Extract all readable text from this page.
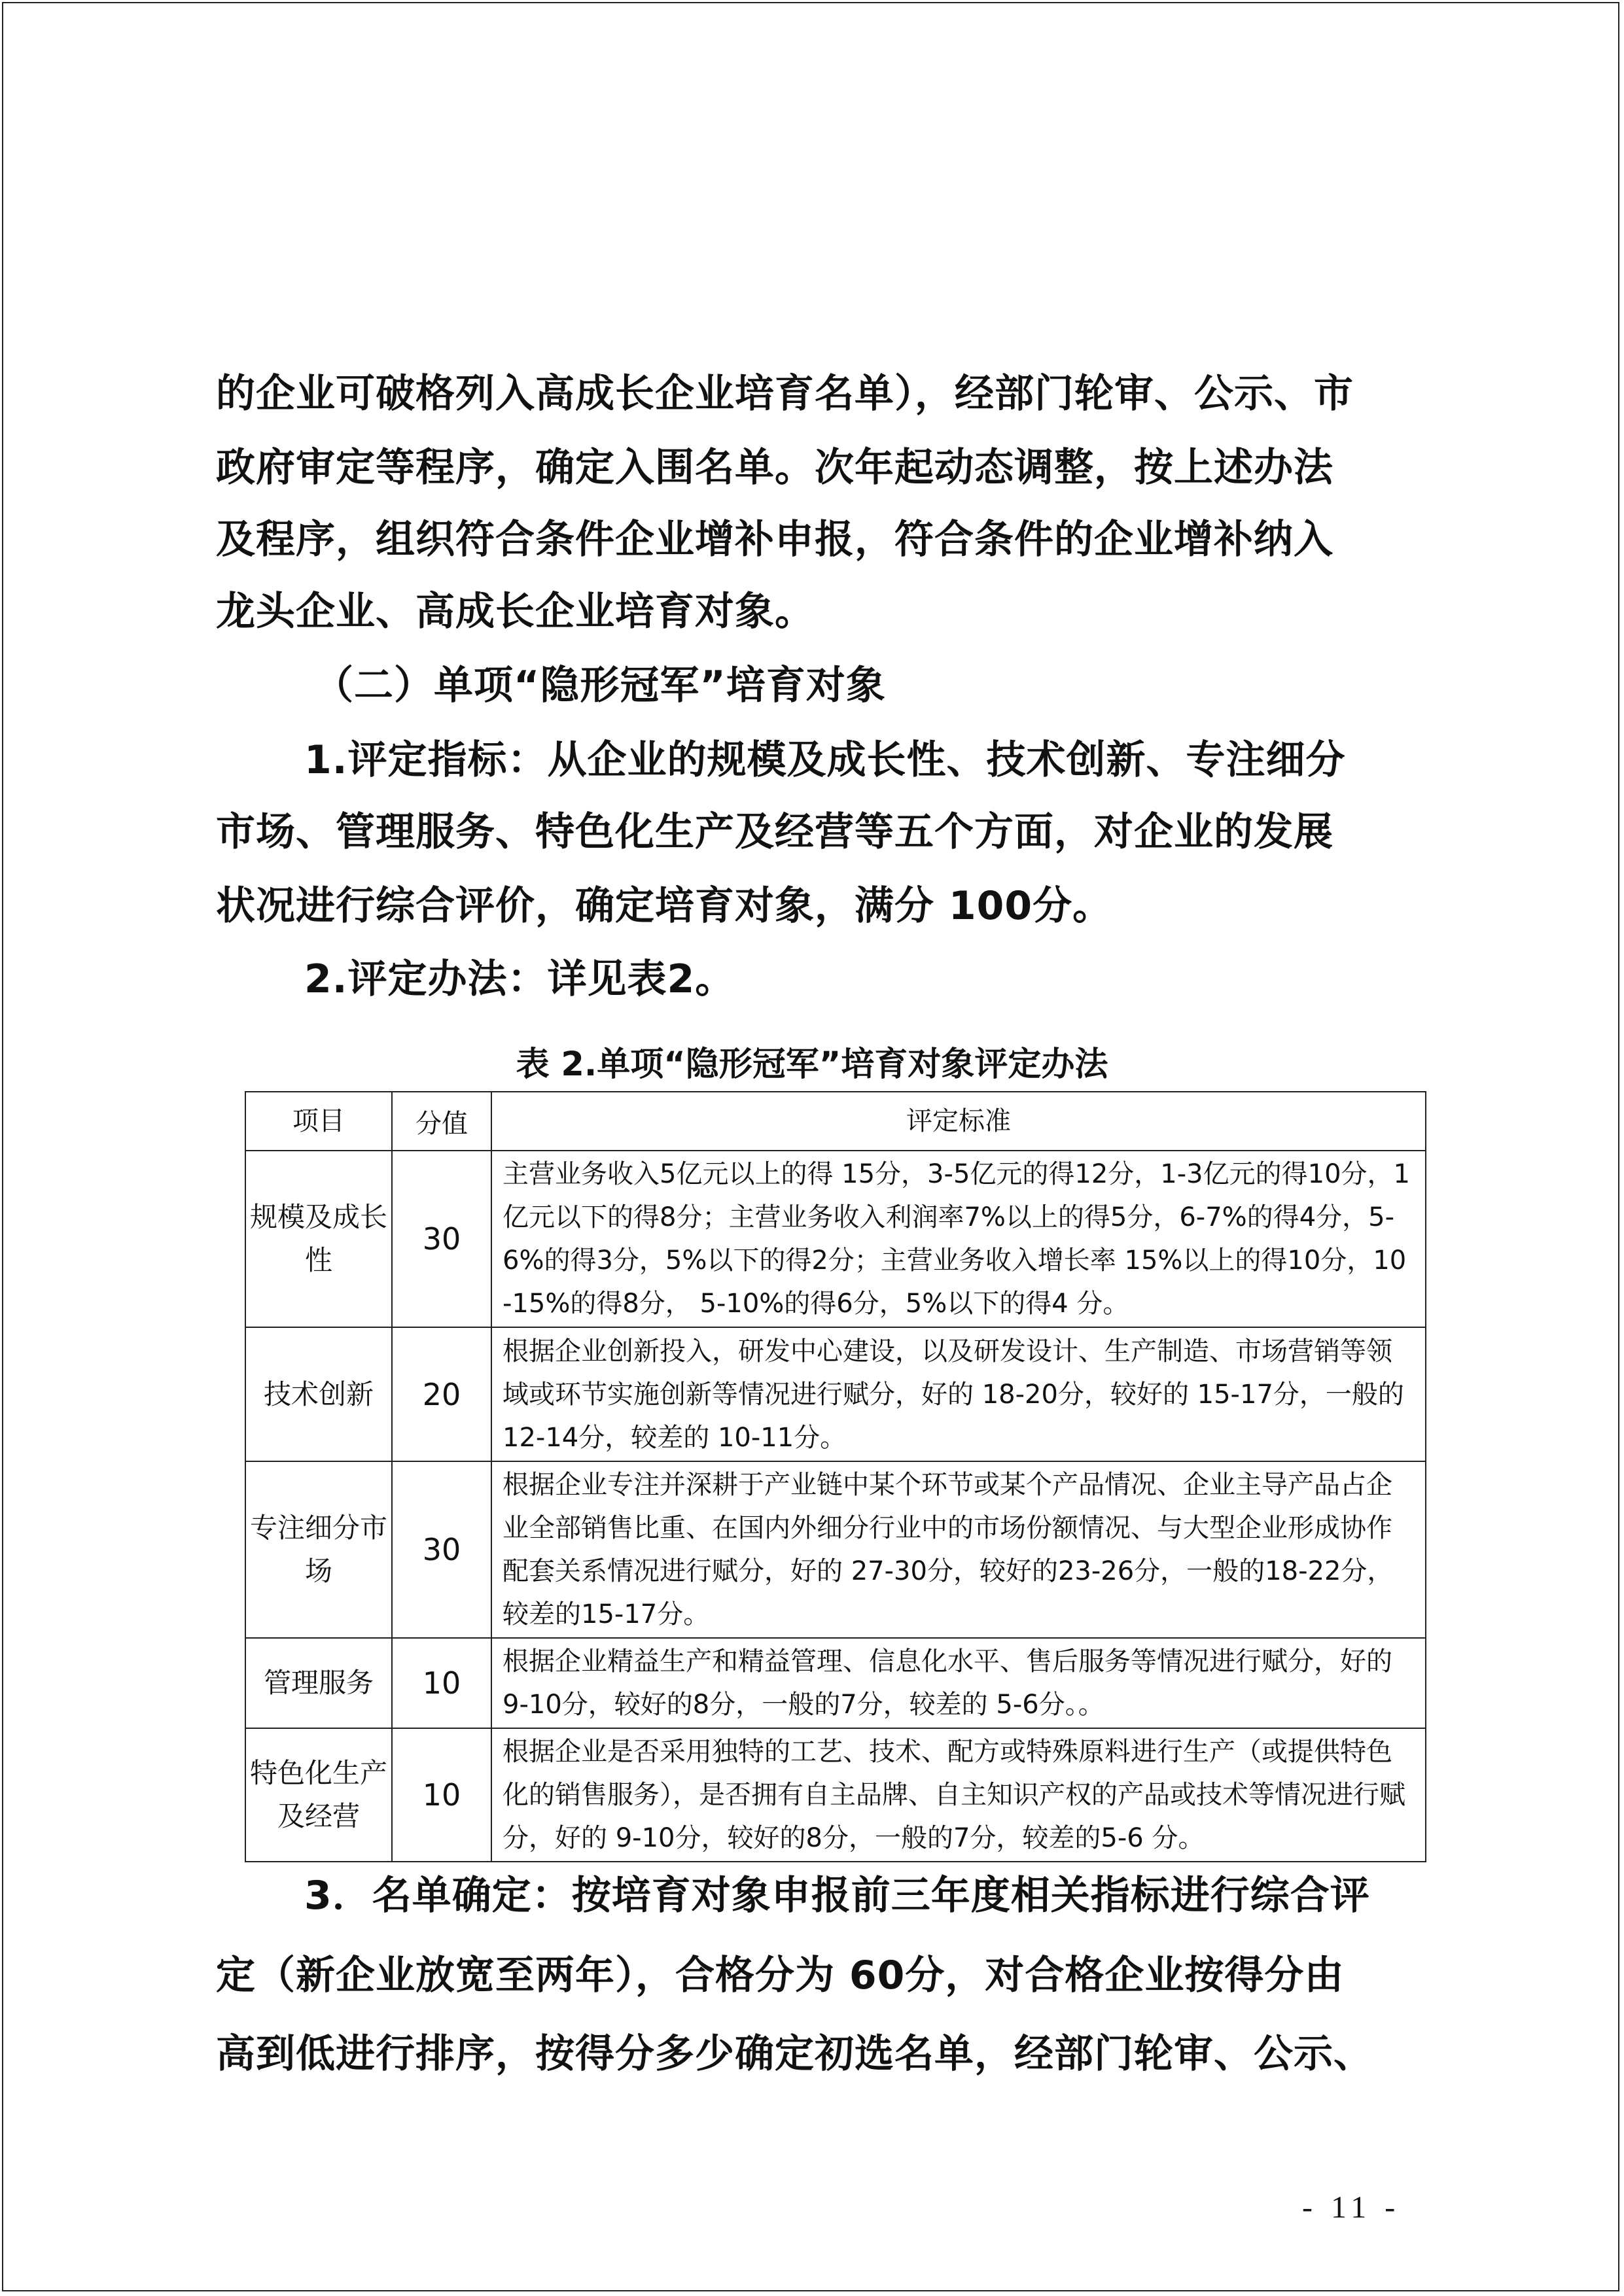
的企业可破格列入高成长企业培育名单），经部门轮审、公示、市
政府审定等程序，确定入围名单。次年起动态调整，按上述办法
及程序，组织符合条件企业增补申报，符合条件的企业增补纳入
龙头企业、高成长企业培育对象。
（二）单项“隐形冠军”培育对象
1.评定指标：从企业的规模及成长性、技术创新、专注细分
市场、管理服务、特色化生产及经营等五个方面，对企业的发展
状况进行综合评价，确定培育对象，满分 100分。
2.评定办法：详见表2。
表 2.单项“隐形冠军”培育对象评定办法
项目	分值	评定标准
规模及成长性	30	主营业务收入5亿元以上的得 15分，3-5亿元的得12分，1-3亿元的得10分，1亿元以下的得8分；主营业务收入利润率7%以上的得5分，6-7%的得4分，5-6%的得3分，5%以下的得2分；主营业务收入增长率 15%以上的得10分，10-15%的得8分， 5-10%的得6分，5%以下的得4 分。

技术创新	20	根据企业创新投入，研发中心建设，以及研发设计、生产制造、市场营销等领域或环节实施创新等情况进行赋分，好的 18-20分，较好的 15-17分，一般的12-14分，较差的 10-11分。

专注细分市场	30	根据企业专注并深耕于产业链中某个环节或某个产品情况、企业主导产品占企业全部销售比重、在国内外细分行业中的市场份额情况、与大型企业形成协作配套关系情况进行赋分，好的 27-30分，较好的23-26分，一般的18-22分，较差的15-17分。

管理服务	10	根据企业精益生产和精益管理、信息化水平、售后服务等情况进行赋分，好的 9-10分，较好的8分，一般的7分，较差的 5-6分。。

特色化生产及经营	10	根据企业是否采用独特的工艺、技术、配方或特殊原料进行生产（或提供特色化的销售服务），是否拥有自主品牌、自主知识产权的产品或技术等情况进行赋分，好的 9-10分，较好的8分，一般的7分，较差的5-6 分。
3．名单确定：按培育对象申报前三年度相关指标进行综合评
定（新企业放宽至两年），合格分为 60分，对合格企业按得分由
高到低进行排序，按得分多少确定初选名单，经部门轮审、公示、
- 11 -
